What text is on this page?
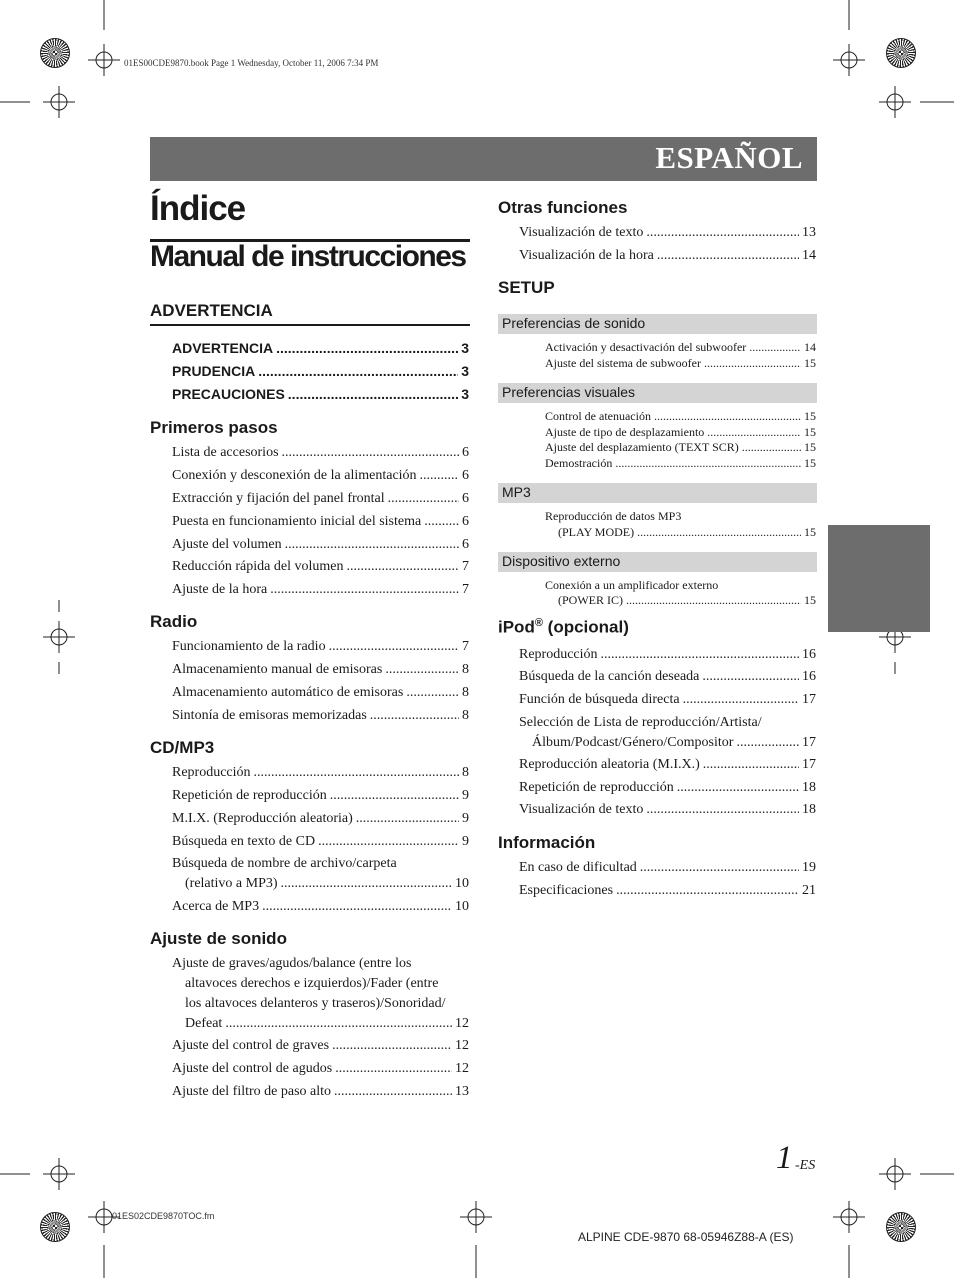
01ES00CDE9870.book Page 1 Wednesday, October 11, 2006 7:34 PM
ESPAÑOL
Índice
Manual de instrucciones
ADVERTENCIA
ADVERTENCIA .....	3
PRUDENCIA .....	3
PRECAUCIONES .....	3
Primeros pasos
Lista de accesorios .....	6
Conexión y desconexión de la alimentación .....	6
Extracción y fijación del panel frontal .....	6
Puesta en funcionamiento inicial del sistema .....	6
Ajuste del volumen .....	6
Reducción rápida del volumen .....	7
Ajuste de la hora .....	7
Radio
Funcionamiento de la radio .....	7
Almacenamiento manual de emisoras .....	8
Almacenamiento automático de emisoras .....	8
Sintonía de emisoras memorizadas .....	8
CD/MP3
Reproducción .....	8
Repetición de reproducción .....	9
M.I.X. (Reproducción aleatoria) .....	9
Búsqueda en texto de CD .....	9
Búsqueda de nombre de archivo/carpeta
(relativo a MP3) .....	10
Acerca de MP3 .....	10
Ajuste de sonido
Ajuste de graves/agudos/balance (entre los
altavoces derechos e izquierdos)/Fader (entre
los altavoces delanteros y traseros)/Sonoridad/
Defeat .....	12
Ajuste del control de graves .....	12
Ajuste del control de agudos .....	12
Ajuste del filtro de paso alto .....	13
Otras funciones
Visualización de texto .....	13
Visualización de la hora .....	14
SETUP
Preferencias de sonido
Activación y desactivación del subwoofer .....	14
Ajuste del sistema de subwoofer .....	15
Preferencias visuales
Control de atenuación .....	15
Ajuste de tipo de desplazamiento .....	15
Ajuste del desplazamiento (TEXT SCR) .....	15
Demostración .....	15
MP3
Reproducción de datos MP3
(PLAY MODE) .....	15
Dispositivo externo
Conexión a un amplificador externo
(POWER IC) .....	15
iPod® (opcional)
Reproducción .....	16
Búsqueda de la canción deseada .....	16
Función de búsqueda directa .....	17
Selección de Lista de reproducción/Artista/
Álbum/Podcast/Género/Compositor .....	17
Reproducción aleatoria (M.I.X.) .....	17
Repetición de reproducción .....	18
Visualización de texto .....	18
Información
En caso de dificultad .....	19
Especificaciones .....	21
1 -ES
01ES02CDE9870TOC.fm
ALPINE CDE-9870 68-05946Z88-A (ES)
